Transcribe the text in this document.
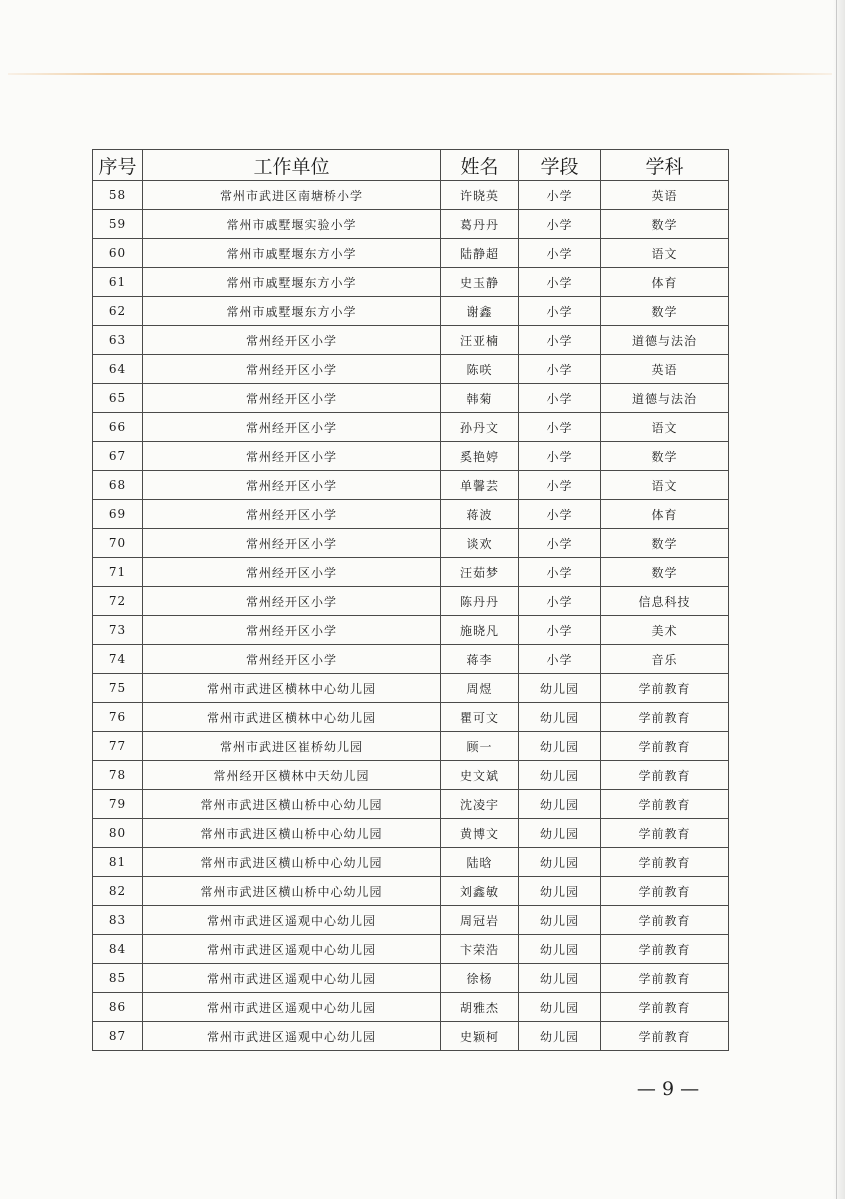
序号	工作单位	姓名	学段	学科
58	常州市武进区南塘桥小学	许晓英	小学	英语
59	常州市戚墅堰实验小学	葛丹丹	小学	数学
60	常州市戚墅堰东方小学	陆静超	小学	语文
61	常州市戚墅堰东方小学	史玉静	小学	体育
62	常州市戚墅堰东方小学	谢鑫	小学	数学
63	常州经开区小学	汪亚楠	小学	道德与法治
64	常州经开区小学	陈咲	小学	英语
65	常州经开区小学	韩菊	小学	道德与法治
66	常州经开区小学	孙丹文	小学	语文
67	常州经开区小学	奚艳婷	小学	数学
68	常州经开区小学	单馨芸	小学	语文
69	常州经开区小学	蒋波	小学	体育
70	常州经开区小学	谈欢	小学	数学
71	常州经开区小学	汪茹梦	小学	数学
72	常州经开区小学	陈丹丹	小学	信息科技
73	常州经开区小学	施晓凡	小学	美术
74	常州经开区小学	蒋李	小学	音乐
75	常州市武进区横林中心幼儿园	周煜	幼儿园	学前教育
76	常州市武进区横林中心幼儿园	瞿可文	幼儿园	学前教育
77	常州市武进区崔桥幼儿园	顾一	幼儿园	学前教育
78	常州经开区横林中天幼儿园	史文斌	幼儿园	学前教育
79	常州市武进区横山桥中心幼儿园	沈凌宇	幼儿园	学前教育
80	常州市武进区横山桥中心幼儿园	黄博文	幼儿园	学前教育
81	常州市武进区横山桥中心幼儿园	陆晗	幼儿园	学前教育
82	常州市武进区横山桥中心幼儿园	刘鑫敏	幼儿园	学前教育
83	常州市武进区遥观中心幼儿园	周冠岩	幼儿园	学前教育
84	常州市武进区遥观中心幼儿园	卞荣浩	幼儿园	学前教育
85	常州市武进区遥观中心幼儿园	徐杨	幼儿园	学前教育
86	常州市武进区遥观中心幼儿园	胡雅杰	幼儿园	学前教育
87	常州市武进区遥观中心幼儿园	史颖柯	幼儿园	学前教育
— 9 —
